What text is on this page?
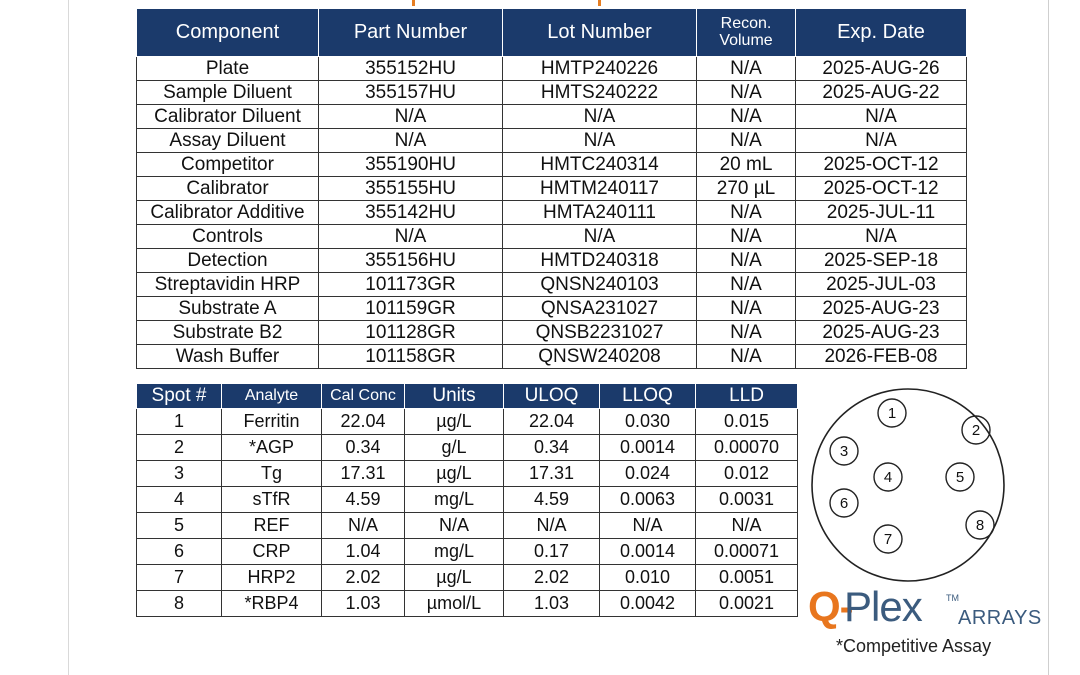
Component	Part Number	Lot Number	Recon.
Volume	Exp. Date
Plate	355152HU	HMTP240226	N/A	2025-AUG-26
Sample Diluent	355157HU	HMTS240222	N/A	2025-AUG-22
Calibrator Diluent	N/A	N/A	N/A	N/A
Assay Diluent	N/A	N/A	N/A	N/A
Competitor	355190HU	HMTC240314	20 mL	2025-OCT-12
Calibrator	355155HU	HMTM240117	270 µL	2025-OCT-12
Calibrator Additive	355142HU	HMTA240111	N/A	2025-JUL-11
Controls	N/A	N/A	N/A	N/A
Detection	355156HU	HMTD240318	N/A	2025-SEP-18
Streptavidin HRP	101173GR	QNSN240103	N/A	2025-JUL-03
Substrate A	101159GR	QNSA231027	N/A	2025-AUG-23
Substrate B2	101128GR	QNSB2231027	N/A	2025-AUG-23
Wash Buffer	101158GR	QNSW240208	N/A	2026-FEB-08
Spot #	Analyte	Cal Conc	Units	ULOQ	LLOQ	LLD
1	Ferritin	22.04	µg/L	22.04	0.030	0.015
2	*AGP	0.34	g/L	0.34	0.0014	0.00070
3	Tg	17.31	µg/L	17.31	0.024	0.012
4	sTfR	4.59	mg/L	4.59	0.0063	0.0031
5	REF	N/A	N/A	N/A	N/A	N/A
6	CRP	1.04	mg/L	0.17	0.0014	0.00071
7	HRP2	2.02	µg/L	2.02	0.010	0.0051
8	*RBP4	1.03	µmol/L	1.03	0.0042	0.0021
1
2
3
4	5
6
7
8
Q-
Plex	TM
ARRAYS
*Competitive Assay
